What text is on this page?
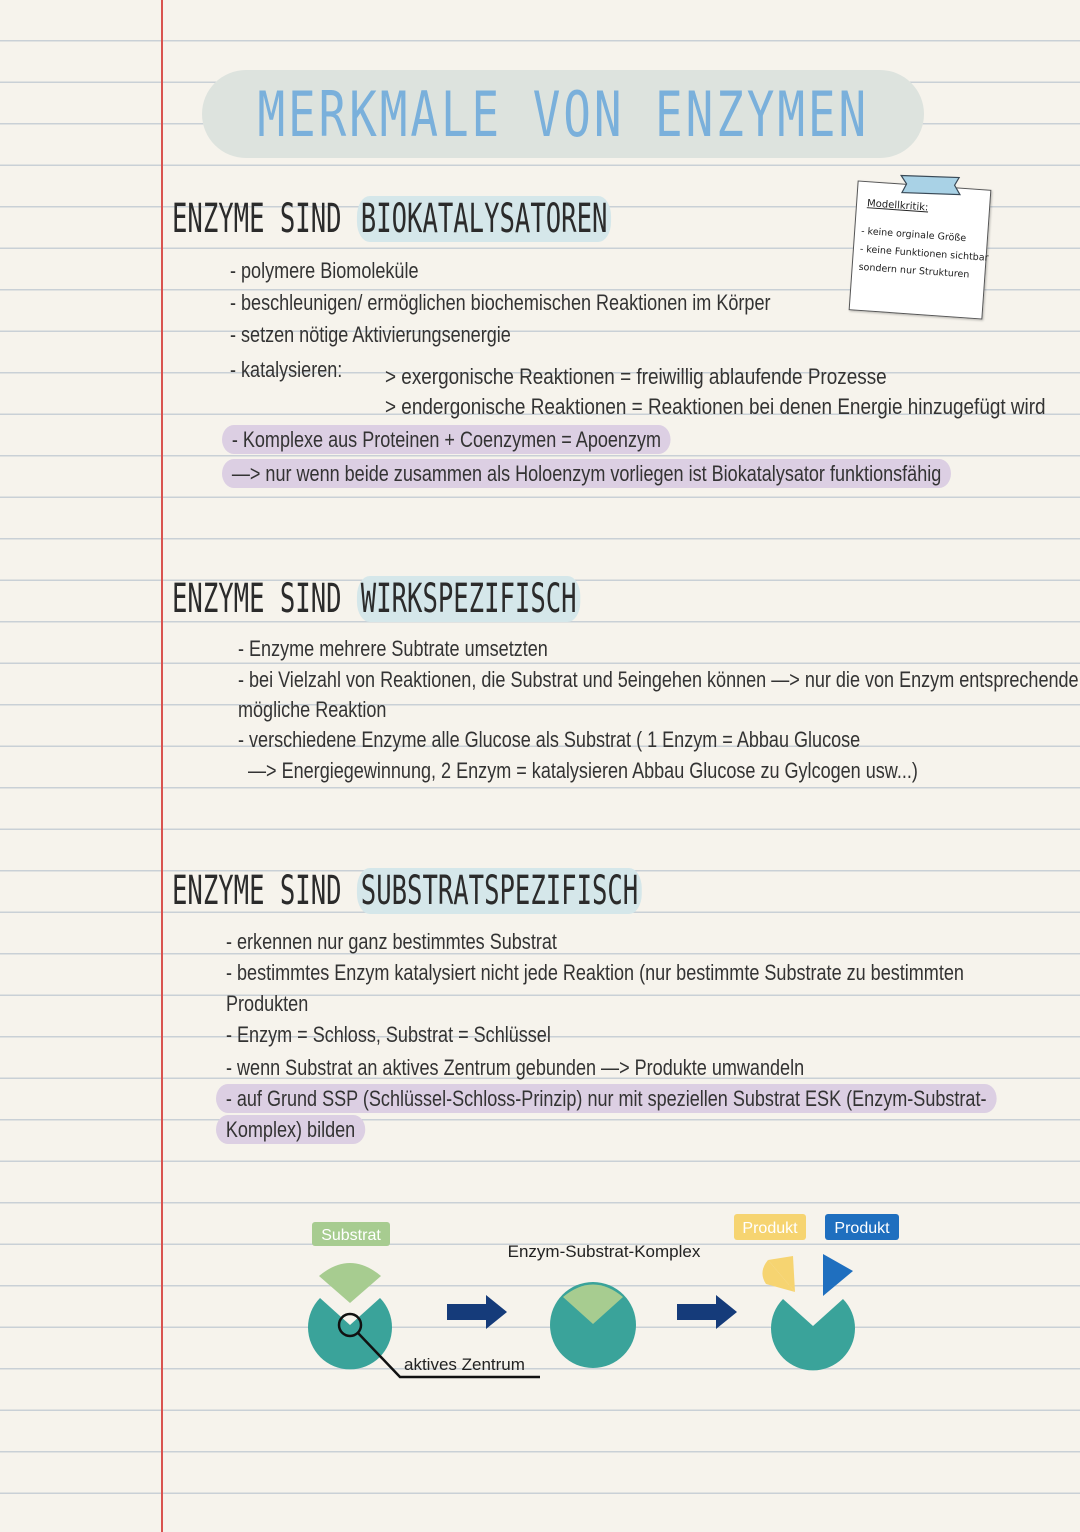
MERKMALE VON ENZYMEN
Modellkritik:
- keine orginale Größe
- keine Funktionen sichtbar
sondern nur Strukturen
ENZYME SIND BIOKATALYSATOREN
- polymere Biomoleküle
- beschleunigen/ ermöglichen biochemischen Reaktionen im Körper
- setzen nötige Aktivierungsenergie
- katalysieren: > exergonische Reaktionen = freiwillig ablaufende Prozesse
> endergonische Reaktionen = Reaktionen bei denen Energie hinzugefügt wird
- Komplexe aus Proteinen + Coenzymen = Apoenzym
—> nur wenn beide zusammen als Holoenzym vorliegen ist Biokatalysator funktionsfähig
ENZYME SIND WIRKSPEZIFISCH
- Enzyme mehrere Subtrate umsetzten
- bei Vielzahl von Reaktionen, die Substrat und 5eingehen können —> nur die von Enzym entsprechende
mögliche Reaktion
- verschiedene Enzyme alle Glucose als Substrat ( 1 Enzym = Abbau Glucose
—> Energiegewinnung, 2 Enzym = katalysieren Abbau Glucose zu Gylcogen usw...)
ENZYME SIND SUBSTRATSPEZIFISCH
- erkennen nur ganz bestimmtes Substrat
- bestimmtes Enzym katalysiert nicht jede Reaktion (nur bestimmte Substrate zu bestimmten
Produkten
- Enzym = Schloss, Substrat = Schlüssel
- wenn Substrat an aktives Zentrum gebunden —> Produkte umwandeln
- auf Grund SSP (Schlüssel-Schloss-Prinzip) nur mit speziellen Substrat ESK (Enzym-Substrat-
Komplex) bilden
Substrat
aktives Zentrum
Enzym-Substrat-Komplex
Produkt Produkt
